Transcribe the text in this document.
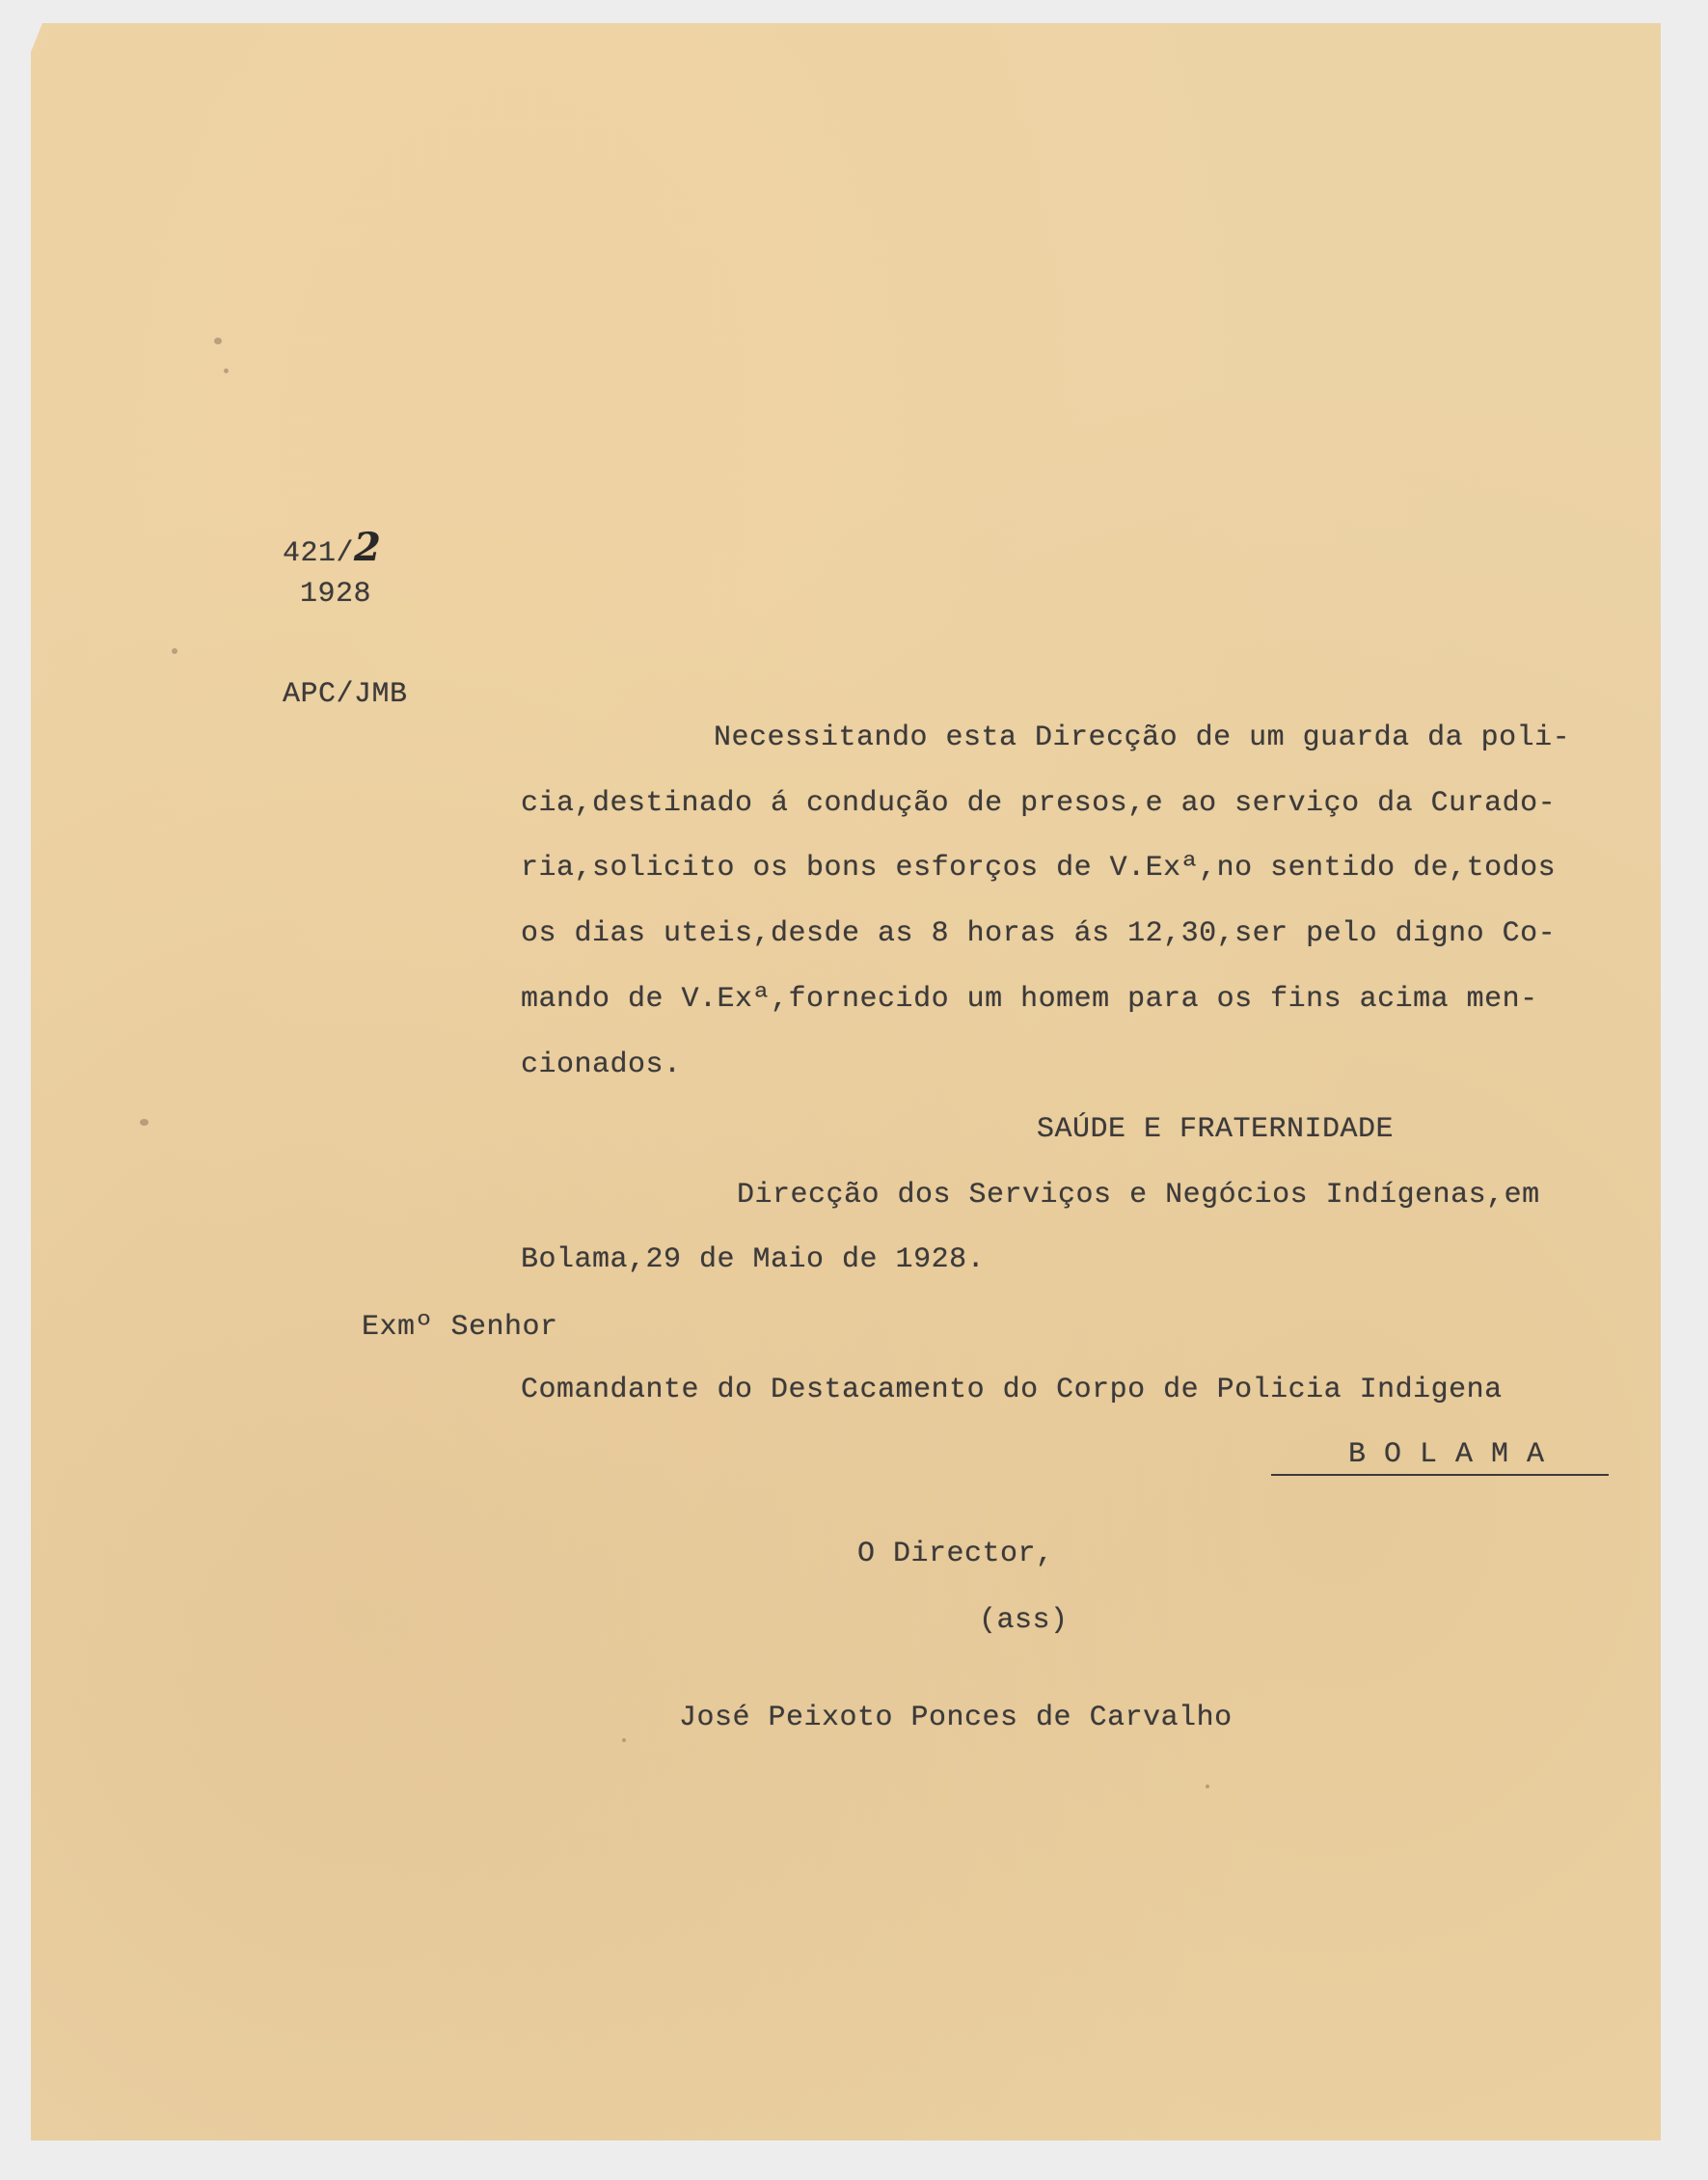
421/2
1928
APC/JMB
Necessitando esta Direcção de um guarda da poli-
cia,destinado á condução de presos,e ao serviço da Curado-
ria,solicito os bons esforços de V.Exª,no sentido de,todos
os dias uteis,desde as 8 horas ás 12,30,ser pelo digno Co-
mando de V.Exª,fornecido um homem para os fins acima men-
cionados.
SAÚDE E FRATERNIDADE
Direcção dos Serviços e Negócios Indígenas,em
Bolama,29 de Maio de 1928.
Exmº Senhor
Comandante do Destacamento do Corpo de Policia Indigena
B O L A M A
O Director,
(ass)
José Peixoto Ponces de Carvalho
